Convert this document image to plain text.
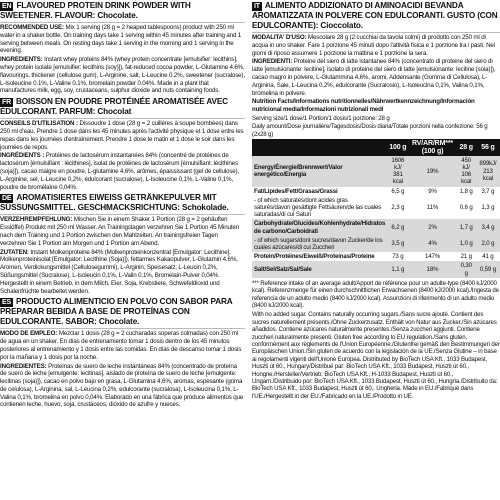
EN FLAVOURED PROTEIN DRINK POWDER WITH SWEETENER. FLAVOUR: Chocolate.

RECOMMENDED USE: Mix 1 serving (28 g = 2 heaped tablespoons) product with 250 ml water in a shaker bottle. On training days take 1 serving within 45 minutes after training and 1 serving between meals. On resting days take 1 serving in the morning and 1 serving in the evening.

INGREDIENTS: Instant whey proteins 84% (whey protein concentrate [emulsifier: lecithins], whey protein isolate [emulsifier: lecithins (soy)]), fat-reduced cocoa powder, L-Glutamine 4.6%, flavourings, thickener (cellulose gum), L-Arginine, salt, L-Leucine 0.2%, sweetener (sucralose), L-Isoleucine 0.1%, L-Valine 0.1%, bromelain powder 0.04%. Made in a plant that manufactures milk, egg, soy, crustaceans, sulphur dioxide and nuts containing foods.

FR BOISSON EN POUDRE PROTÉINÉE AROMATISÉE AVEC ÉDULCORANT. PARFUM: Chocolat

CONSEILS D'UTILISATION : Dissoudre 1 dose (28 g = 2 cuillères à soupe bombées) dans 250 ml d'eau. Prendre 1 dose dans les 45 minutes après l'activité physique et 1 dose entre les repas dans les journées d'entraînement. Prendre 1 dose le matin et 1 dose le soir dans les journées de repos.

INGRÉDIENTS : Protéines de lactosérum instantanées 84% (concentré de protéines de lactosérum [émulsifiant : lécithines], isolat de protéines de lactosérum [émulsifiant: lécithines (soja)]), cacao maigre en poudre, L-glutamine 4,6%, arômes, épaississant (gel de cellulose), L-Arginine, sel, L-Leucine 0,2%, édulcorant (sucralose), L-Isoleucine 0,1%, L-Valine 0,1%, poudre de bromélaïne 0,04%.

DE AROMATISIERTES EIWEISS GETRÄNKEPULVER MIT SÜSSUNGSMITTEL. GESCHMACKSRICHTUNG: Schokolade.

VERZEHREMPFEHLUNG: Mischen Sie in einem Shaker 1 Portion (28 g = 2 gehäuften Esslöffel) Produkt mit 250 ml Wasser. An Trainingstagen verzehren Sie 1 Portion 45 Minuten nach dem Training und 1 Portion zwischen den Mahlzeiten. An trainingsfreien Tagen verzehren Sie 1 Portion am Morgen und 1 Portion am Abend.

ZUTATEN: Instant Molkenproteine 84% (Molkenproteinkonzentrat [Emulgator: Lecithine], Molkenproteinisolat [Emulgator: Lecithine (Soja)]), fettarmes Kakaopulver, L-Glutamin 4,6%, Aromen, Verdickungsmittel (Cellulosegummi), L-Arginin, Speisesalz, L-Leucin 0,2%, Süßungsmittel (Sucralose), L-Isoleucin 0,1%, L-Valin 0,1%, Bromelain-Pulver 0,04%. Hergestellt in einem Betrieb, in dem Milch, Eier, Soja, Krebstiere, Schwefeldioxid und Schalenfrüchte bearbeitet werden.

ES PRODUCTO ALIMENTICIO EN POLVO CON SABOR PARA PREPARAR BEBIDA A BASE DE PROTEÍNAS CON EDULCORANTE. SABOR: Chocolate.

MODO DE EMPLEO: Mezclar 1 dosis (28 g = 2 cucharadas soperas colmadas) con 250 ml de agua en un shaker. En días de entrenamiento tomar 1 dosis dentro de los 45 minutos posteriores al entrenamiento y 1 dosis entre las comidas. En días de descanso tomar 1 dosis por la mañana y 1 dosis por la noche.

INGREDIENTES: Proteínas de suero de leche instantáneas 84% (concentrado de proteína de suero de leche [emulgente: lecitinas], aislado de proteína de suero de leche [emulgente: lecitinas (soja)]), cacao en polvo bajo en grasa, L-Glutamina 4,6%, aromas, espesante (goma de celulosa), L-Arginina, sal, L-Leucina 0,2%, edulcorante (sucralosa), L-Isoleucina 0,1%, L-Valina 0,1%, bromelina en polvo 0,04%. Elaborado en una fábrica que produce alimentos que contienen leche, huevo, soja, crustáceos, dióxido de azufre y nueces.

IT ALIMENTO ADDIZIONATO DI AMINOACIDI BEVANDA AROMATIZZATA IN POLVERE CON EDULCORANTI. GUSTO (CON EDULCORANTE): Cioccolato.

MODALITA' D'USO: Mescolare 28 g (2 cucchiai da tavola colmi) di prodotto con 250 ml di acqua in uno shaker. Fare 1 porzione 45 minuti dopo l'attività fisica e 1 porzione tra i pasti. Nei giorni di riposo assumere 1 porzione la mattina e 1 porzione la sera.

INGREDIENTI: Proteine del siero di latte istantanee 84% (concentrato di proteine del siero di latte [emulsionante: lecitine], isolato di proteine del siero di latte [emulsionante: lecitine (soia)]), cacao magro in polvere, L-Glutammina 4,6%, aromi, Addensante (Gomma di Cellulosa), L-Arginina, Sale, L-Leucina 0,2%, edulcorante (Sucralosio), L-Isoleucina 0,1%, Valina 0,1%, bromelina in polvere.

Nutrition Facts/Informations nutritionnelles/Nährwertkennzeichnung/Información nutricional media/Informazioni nutrizionali medi

Serving size/1 dose/1 Portion/1 dosis/1 porzione: 28 g

Daily amount/Dose journalière/Tagesdosis/Dosis diaria/Totale porzioni nella confezione: 56 g (2x28 g)

	100 g	RV/AR/RM*** (100 g)	28 g	56 g
Energy/Énergie/Brennwert/Valor energético/Energia	1606 kJ/ 381 kcal	19%	450 kJ/ 106 kcal	899kJ/ 213 kcal
Fat/Lipides/Fett/Grasas/Grassi	6,5 g	9%	1,8 g	3,7 g
- of which saturates/dont acides gras saturés/davon gesättigte Fettsäuren/de las cuales saturadas/di cui Saturi	2,3 g	11%	0,6 g	1,3 g
Carbohydrate/Glucides/Kohlenhydrate/Hidratos de carbono/Carboidrati	6,2 g	2%	1,7 g	3,4 g
- of which sugars/dont sucres/davon Zucker/de los cuales azúcares/di cui Zuccheri	3,5 g	4%	1,0 g	2,0 g
Protein/Protéines/Eiweiß/Proteínas/Proteine	73 g	147%	21 g	41 g
Salt/Sel/Salz/Sal/Sale	1,1 g	18%	0,30 g	0,59 g

*** Reference intake of an average adult/Apport de référence pour un adulte-type (8400 kJ/2000 kcal). Referenzmenge für einen durchschnittlichen Erwachsenen (8400 kJ/2000 kcal)./Ingesta de referencia de un adulto medio (8400 kJ/2000 kcal). Assunzioni di riferimento di un adulto medio (8400 kJ/2000 kcal).

With no added sugar. Contains naturally occurring sugars./Sans sucre ajouté. Contient des sucres naturellement présents./Ohne Zuckerzusatz. Enthält von Natur aus Zucker./Sin azúcares añadidos. Contiene azúcares naturalmente presentes./Senza zuccheri aggiunti. Contiene zuccheri naturalmente presenti. Gluten free according to EU regulation./Sans gluten, conformément aux règlements de l'Union Européenne./Glutenfrei gemäß den Bestimmungen der Europäischen Union./Sin gluten de acuerdo con la legislación de la UE./Senza Glutine – in base ai regolamenti vigenti dell'Unione Europea. Distributed by BioTech USA Kft., 1033 Budapest, Huszti út 60., Hungary/Distribué par: BioTech USA Kft., 1033 Budapest, Huszti út 60., Hongrie./Hersteller/Vertrieb: BioTech USA Kft., H-1033 Budapest, Huszti út 60., Ungarn./Distribuido por: BioTech USA Kft., 1033 Budapest, Huszti út 60., Hungría./Distribuito da: BioTech USA Kft., 1033 Budapest, Huszti út 60., Ungheria. Made in EU./Fabriqué dans l'UE./Hergestellt in der EU./Fabricado en la UE./Prodotto in UE.
